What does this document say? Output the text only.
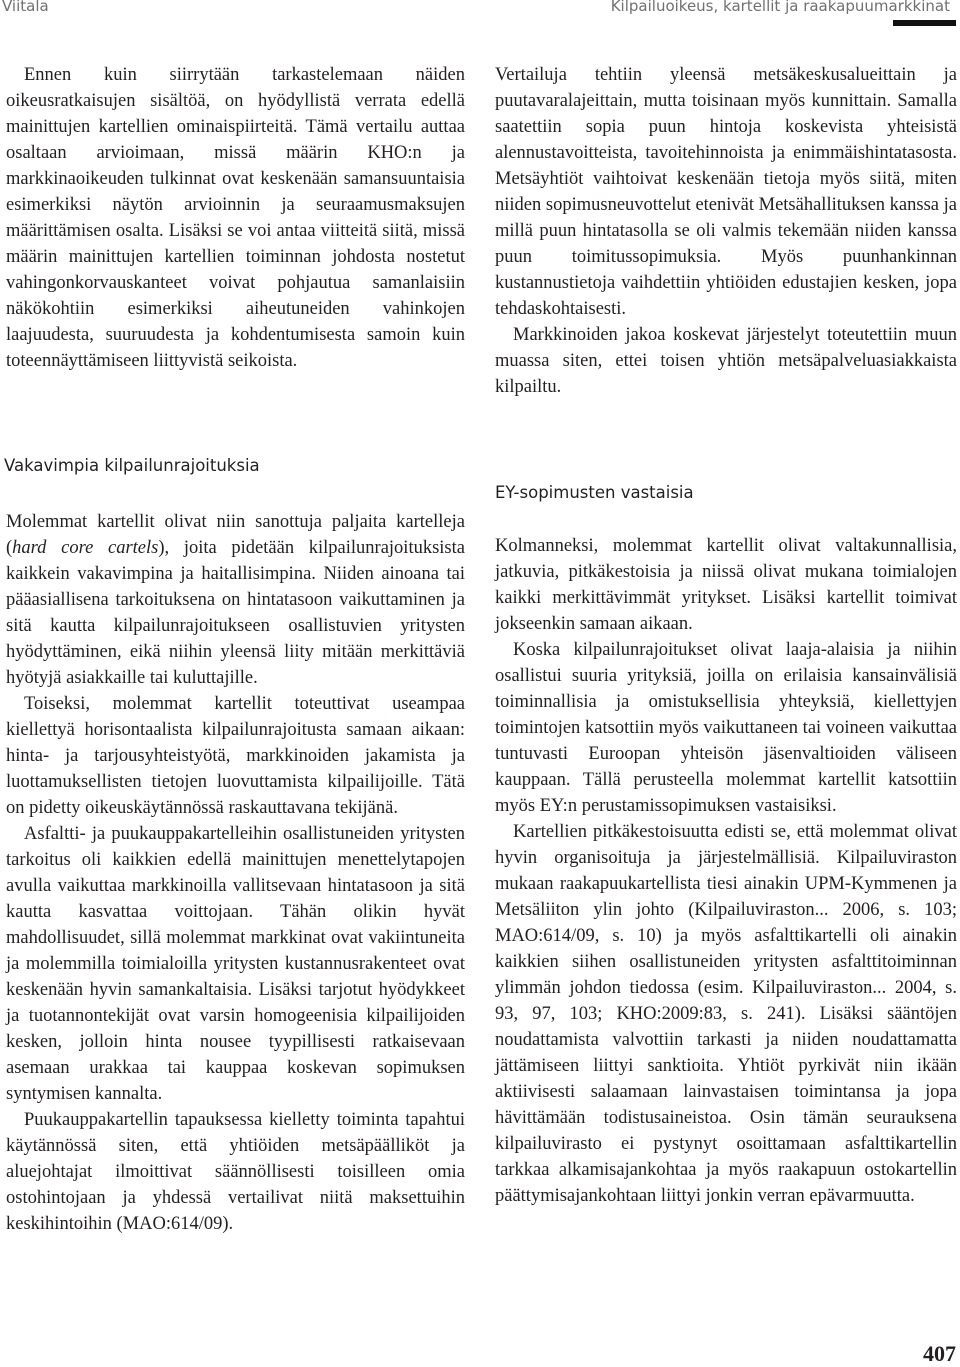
Viitala	Kilpailuoikeus, kartellit ja raakapuumarkkinat

Ennen kuin siirrytään tarkastelemaan näiden oikeusratkaisujen sisältöä, on hyödyllistä verrata edellä mainittujen kartellien ominaispiirteitä. Tämä vertailu auttaa osaltaan arvioimaan, missä määrin KHO:n ja markkinaoikeuden tulkinnat ovat keskenään samansuuntaisia esimerkiksi näytön arvioinnin ja seuraamusmaksujen määrittämisen osalta. Lisäksi se voi antaa viitteitä siitä, missä määrin mainittujen kartellien toiminnan johdosta nostetut vahingonkorvauskanteet voivat pohjautua samanlaisiin näkökohtiin esimerkiksi aiheutuneiden vahinkojen laajuudesta, suuruudesta ja kohdentumisesta samoin kuin toteennäyttämiseen liittyvistä seikoista.

Vakavimpia kilpailunrajoituksia

Molemmat kartellit olivat niin sanottuja paljaita kartelleja (hard core cartels), joita pidetään kilpailunrajoituksista kaikkein vakavimpina ja haitallisimpina. Niiden ainoana tai pääasiallisena tarkoituksena on hintatasoon vaikuttaminen ja sitä kautta kilpailunrajoitukseen osallistuvien yritysten hyödyttäminen, eikä niihin yleensä liity mitään merkittäviä hyötyjä asiakkaille tai kuluttajille.

Toiseksi, molemmat kartellit toteuttivat useampaa kiellettyä horisontaalista kilpailunrajoitusta samaan aikaan: hinta- ja tarjousyhteistyötä, markkinoiden jakamista ja luottamuksellisten tietojen luovuttamista kilpailijoille. Tätä on pidetty oikeuskäytännössä raskauttavana tekijänä.

Asfaltti- ja puukauppakartelleihin osallistuneiden yritysten tarkoitus oli kaikkien edellä mainittujen menettelytapojen avulla vaikuttaa markkinoilla vallitsevaan hintatasoon ja sitä kautta kasvattaa voittojaan. Tähän olikin hyvät mahdollisuudet, sillä molemmat markkinat ovat vakiintuneita ja molemmilla toimialoilla yritysten kustannusrakenteet ovat keskenään hyvin samankaltaisia. Lisäksi tarjotut hyödykkeet ja tuotannontekijät ovat varsin homogeenisia kilpailijoiden kesken, jolloin hinta nousee tyypillisesti ratkaisevaan asemaan urakkaa tai kauppaa koskevan sopimuksen syntymisen kannalta.

Puukauppakartellin tapauksessa kielletty toiminta tapahtui käytännössä siten, että yhtiöiden metsäpäälliköt ja aluejohtajat ilmoittivat säännöllisesti toisilleen omia ostohintojaan ja yhdessä vertailivat niitä maksettuihin keskihintoihin (MAO:614/09).

Vertailuja tehtiin yleensä metsäkeskusalueittain ja puutavaralajeittain, mutta toisinaan myös kunnittain. Samalla saatettiin sopia puun hintoja koskevista yhteisistä alennustavoitteista, tavoitehinnoista ja enimmäishintatasosta. Metsäyhtiöt vaihtoivat keskenään tietoja myös siitä, miten niiden sopimusneuvottelut etenivät Metsähallituksen kanssa ja millä puun hintatasolla se oli valmis tekemään niiden kanssa puun toimitussopimuksia. Myös puunhankinnan kustannustietoja vaihdettiin yhtiöiden edustajien kesken, jopa tehdaskohtaisesti.

Markkinoiden jakoa koskevat järjestelyt toteutettiin muun muassa siten, ettei toisen yhtiön metsäpalveluasiakkaista kilpailtu.

EY-sopimusten vastaisia

Kolmanneksi, molemmat kartellit olivat valtakunnallisia, jatkuvia, pitkäkestoisia ja niissä olivat mukana toimialojen kaikki merkittävimmät yritykset. Lisäksi kartellit toimivat jokseenkin samaan aikaan.

Koska kilpailunrajoitukset olivat laaja-alaisia ja niihin osallistui suuria yrityksiä, joilla on erilaisia kansainvälisiä toiminnallisia ja omistuksellisia yhteyksiä, kiellettyjen toimintojen katsottiin myös vaikuttaneen tai voineen vaikuttaa tuntuvasti Euroopan yhteisön jäsenvaltioiden väliseen kauppaan. Tällä perusteella molemmat kartellit katsottiin myös EY:n perustamissopimuksen vastaisiksi.

Kartellien pitkäkestoisuutta edisti se, että molemmat olivat hyvin organisoituja ja järjestelmällisiä. Kilpailuviraston mukaan raakapuukartellista tiesi ainakin UPM-Kymmenen ja Metsäliiton ylin johto (Kilpailuviraston... 2006, s. 103; MAO:614/09, s. 10) ja myös asfalttikartelli oli ainakin kaikkien siihen osallistuneiden yritysten asfalttitoiminnan ylimmän johdon tiedossa (esim. Kilpailuviraston... 2004, s. 93, 97, 103; KHO:2009:83, s. 241). Lisäksi sääntöjen noudattamista valvottiin tarkasti ja niiden noudattamatta jättämiseen liittyi sanktioita. Yhtiöt pyrkivät niin ikään aktiivisesti salaamaan lainvastaisen toimintansa ja jopa hävittämään todistusaineistoa. Osin tämän seurauksena kilpailuvirasto ei pystynyt osoittamaan asfalttikartellin tarkkaa alkamisajankohtaa ja myös raakapuun ostokartellin päättymisajankohtaan liittyi jonkin verran epävarmuutta.

407
